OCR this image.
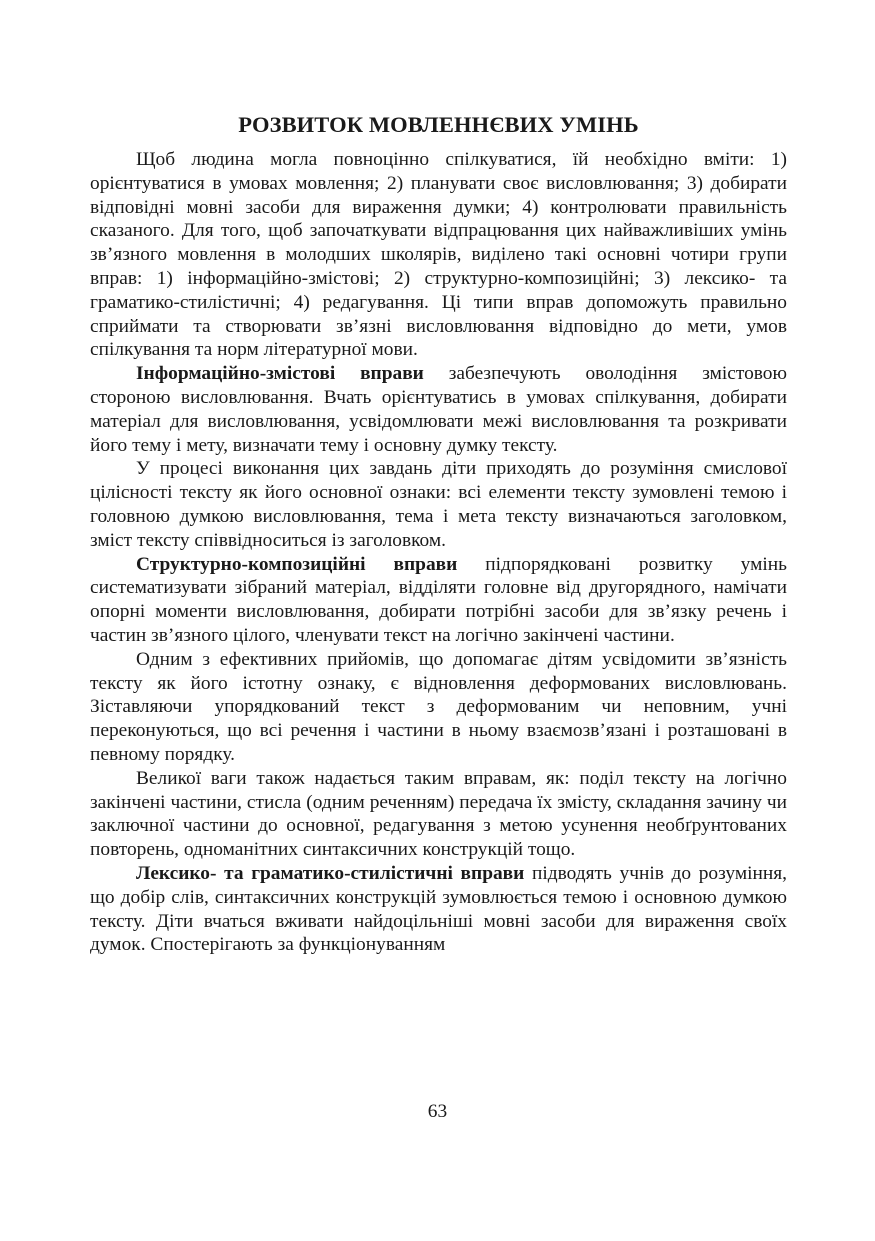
РОЗВИТОК МОВЛЕННЄВИХ УМІНЬ

Щоб людина могла повноцінно спілкуватися, їй необхідно вміти: 1) орієнтуватися в умовах мовлення; 2) планувати своє висловлювання; 3) добирати відповідні мовні засоби для вираження думки; 4) контролювати правильність сказаного. Для того, щоб започаткувати відпрацювання цих найважливіших умінь зв’язного мовлення в молодших школярів, виділено такі основні чотири групи вправ: 1) інформаційно-змістові; 2) структурно-композиційні; 3) лексико- та граматико-стилістичні; 4) редагування. Ці типи вправ допоможуть правильно сприймати та створювати зв’язні висловлювання відповідно до мети, умов спілкування та норм літературної мови.

Інформаційно-змістові вправи забезпечують оволодіння змістовою стороною висловлювання. Вчать орієнтуватись в умовах спілкування, добирати матеріал для висловлювання, усвідомлювати межі висловлювання та розкривати його тему і мету, визначати тему і основну думку тексту.

У процесі виконання цих завдань діти приходять до розуміння смислової цілісності тексту як його основної ознаки: всі елементи тексту зумовлені темою і головною думкою висловлювання, тема і мета тексту визначаються заголовком, зміст тексту співвідноситься із заголовком.

Структурно-композиційні вправи підпорядковані розвитку умінь систематизувати зібраний матеріал, відділяти головне від другорядного, намічати опорні моменти висловлювання, добирати потрібні засоби для зв’язку речень і частин зв’язного цілого, членувати текст на логічно закінчені частини.

Одним з ефективних прийомів, що допомагає дітям усвідомити зв’язність тексту як його істотну ознаку, є відновлення деформованих висловлювань. Зіставляючи упорядкований текст з деформованим чи неповним, учні переконуються, що всі речення і частини в ньому взаємозв’язані і розташовані в певному порядку.

Великої ваги також надається таким вправам, як: поділ тексту на логічно закінчені частини, стисла (одним реченням) передача їх змісту, складання зачину чи заключної частини до основної, редагування з метою усунення необґрунтованих повторень, одноманітних синтаксичних конструкцій тощо.

Лексико- та граматико-стилістичні вправи підводять учнів до розуміння, що добір слів, синтаксичних конструкцій зумовлюється темою і основною думкою тексту. Діти вчаться вживати найдоцільніші мовні засоби для вираження своїх думок. Спостерігають за функціонуванням

63
